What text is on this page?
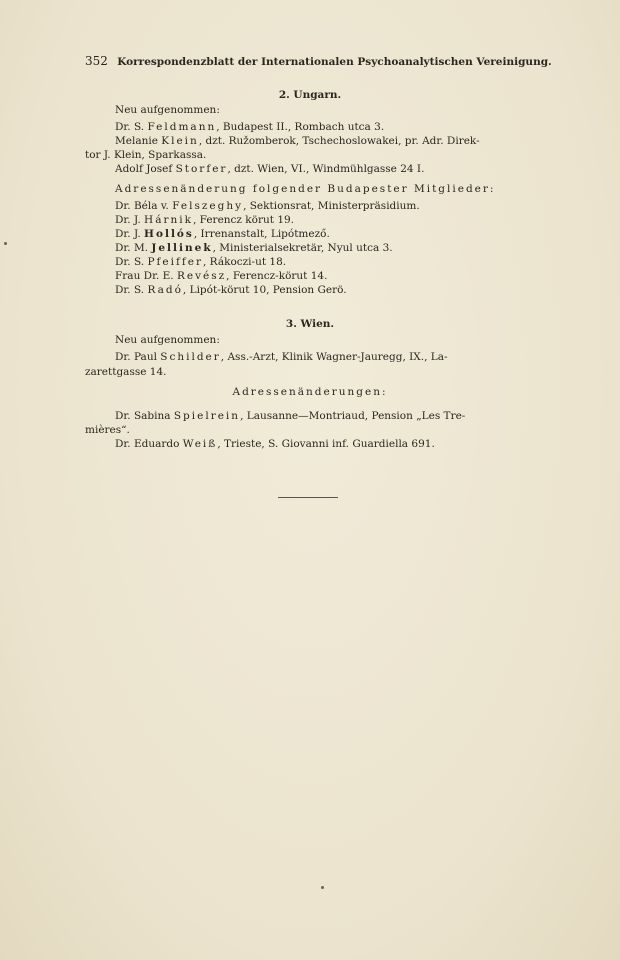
352 Korrespondenzblatt der Internationalen Psychoanalytischen Vereinigung.
2. Ungarn.
Neu aufgenommen:
Dr. S. Feldmann, Budapest II., Rombach utca 3.
Melanie Klein, dzt. Ružomberok, Tschechoslowakei, pr. Adr. Direk-
tor J. Klein, Sparkassa.
Adolf Josef Storfer, dzt. Wien, VI., Windmühlgasse 24 I.
Adressenänderung folgender Budapester Mitglieder:
Dr. Béla v. Felszeghy, Sektionsrat, Ministerpräsidium.
Dr. J. Hárnik, Ferencz körut 19.
Dr. J. Hollós, Irrenanstalt, Lipótmező.
Dr. M. Jellinek, Ministerialsekretär, Nyul utca 3.
Dr. S. Pfeiffer, Rákoczi-ut 18.
Frau Dr. E. Revész, Ferencz-körut 14.
Dr. S. Radó, Lipót-körut 10, Pension Gerö.
3. Wien.
Neu aufgenommen:
Dr. Paul Schilder, Ass.-Arzt, Klinik Wagner-Jauregg, IX., La-
zarettgasse 14.
Adressenänderungen:
Dr. Sabina Spielrein, Lausanne—Montriaud, Pension „Les Tre-
mières“.
Dr. Eduardo Weiß, Trieste, S. Giovanni inf. Guardiella 691.
